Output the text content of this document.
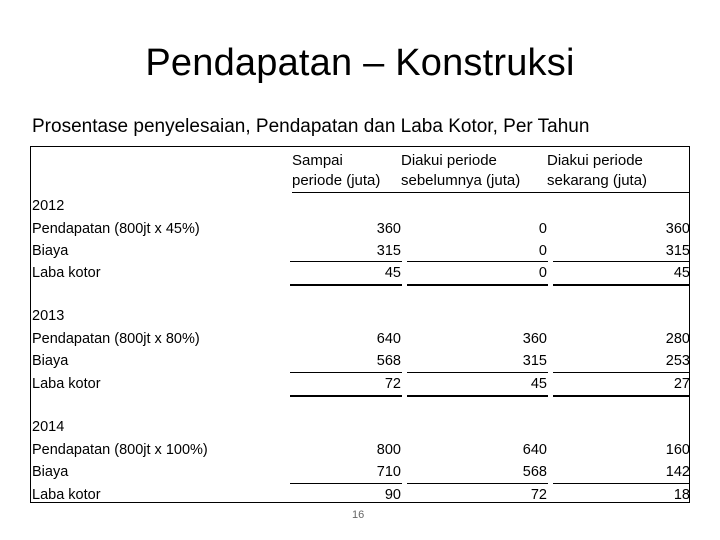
Pendapatan – Konstruksi
Prosentase penyelesaian, Pendapatan dan Laba Kotor, Per Tahun
Sampai
periode (juta)
Diakui periode
sebelumnya (juta)
Diakui periode
sekarang (juta)
2012
Pendapatan (800jt x 45%)
Biaya
Laba kotor
360
315
45
0
0
0
360
315
45
2013
Pendapatan (800jt x 80%)
Biaya
Laba kotor
640
568
72
360
315
45
280
253
27
2014
Pendapatan (800jt x 100%)
Biaya
Laba kotor
800
710
90
640
568
72
160
142
18
16
